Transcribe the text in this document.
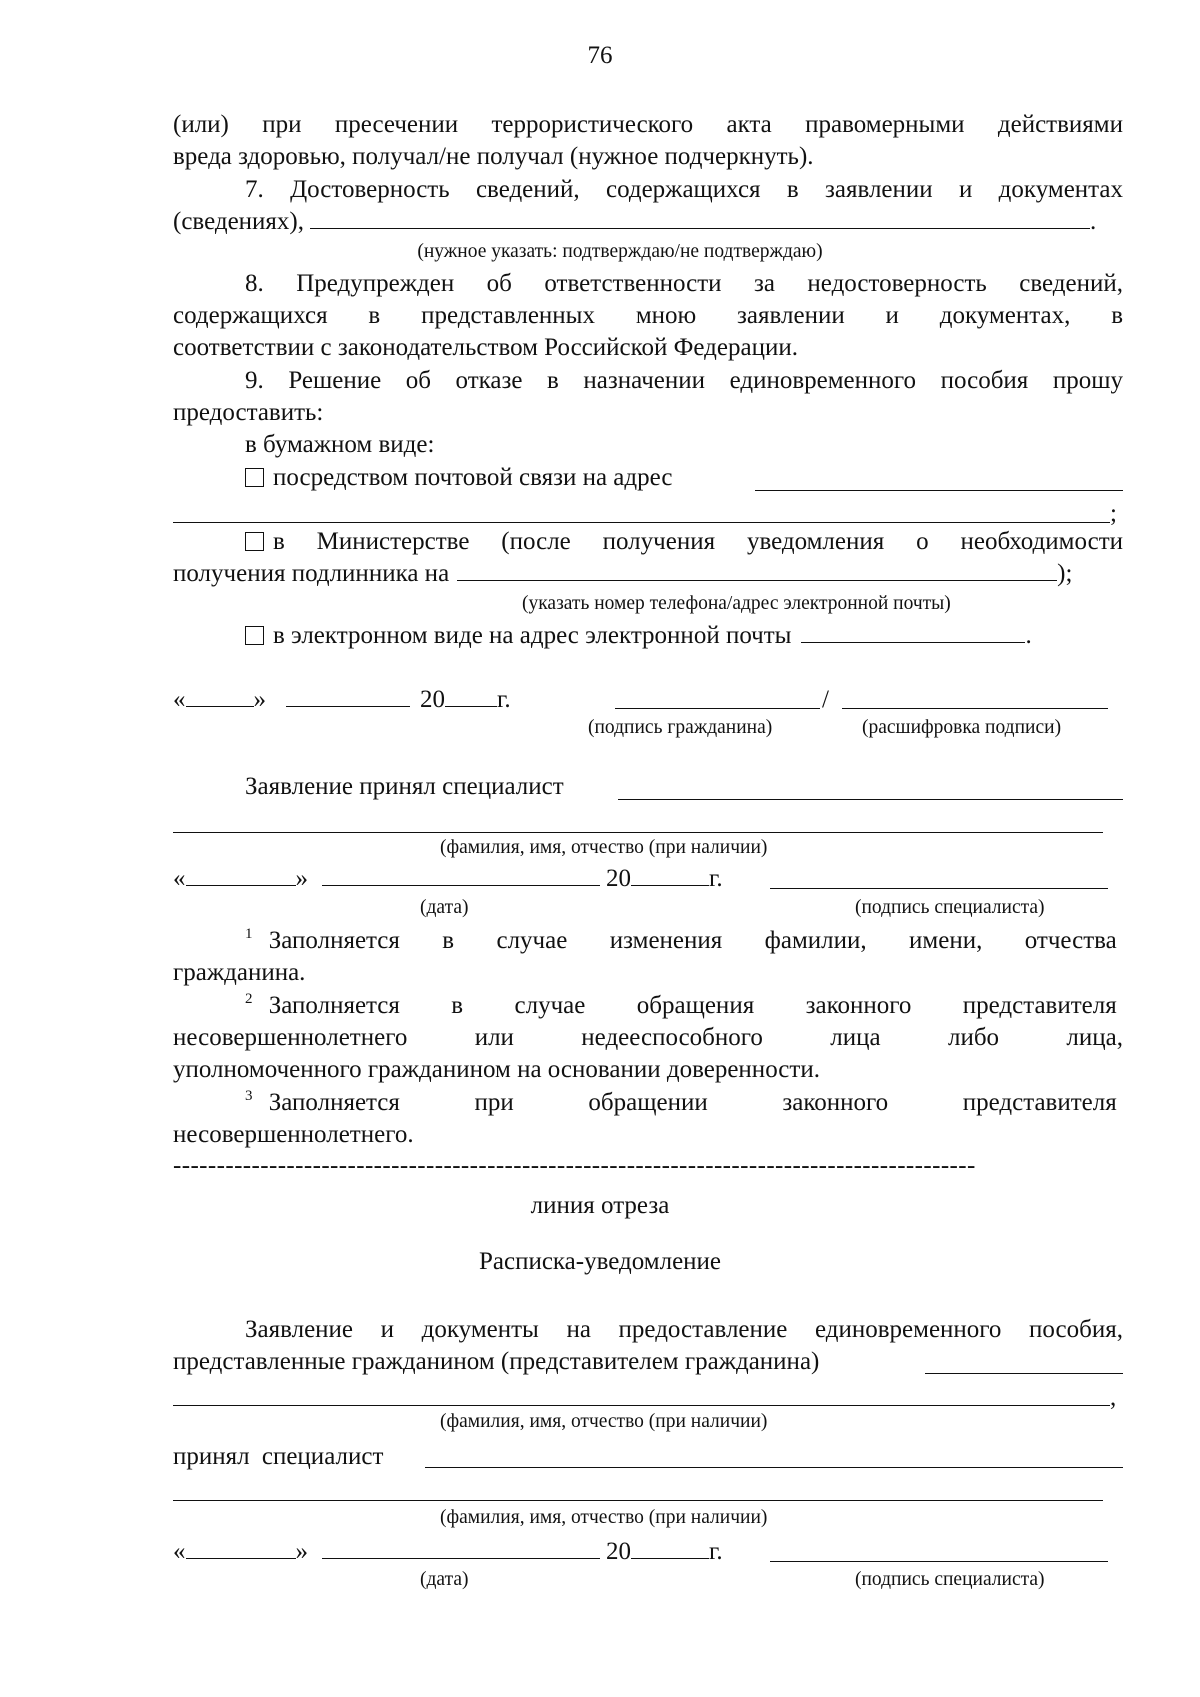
76
(или) при пресечении террористического акта правомерными действиями
вреда здоровью, получал/не получал (нужное подчеркнуть).
7. Достоверность сведений, содержащихся в заявлении и документах
(сведениях),	.
(нужное указать: подтверждаю/не подтверждаю)
8. Предупрежден об ответственности за недостоверность сведений,
содержащихся в представленных мною заявлении и документах, в
соответствии с законодательством Российской Федерации.
9. Решение об отказе в назначении единовременного пособия прошу
предоставить:
в бумажном виде:
посредством почтовой связи на адрес
;
в Министерстве (после получения уведомления о необходимости
получения подлинника на	);
(указать номер телефона/адрес электронной почты)
в электронном виде на адрес электронной почты	.
«	»	20 г.	/
(подпись гражданина)	(расшифровка подписи)
Заявление принял специалист
(фамилия, имя, отчество (при наличии)
«	»	20	г.
(дата)	(подпись специалиста)
$^1$ Заполняется в случае изменения фамилии, имени, отчества
гражданина.
$^2$ Заполняется в случае обращения законного представителя
несовершеннолетнего или недееспособного лица либо лица,
уполномоченного гражданином на основании доверенности.
$^3$ Заполняется при обращении законного представителя
несовершеннолетнего.
--------------------------------------------------------------------------------------------
линия отреза
Расписка-уведомление
Заявление и документы на предоставление единовременного пособия,
представленные гражданином (представителем гражданина)
,
(фамилия, имя, отчество (при наличии)
принял специалист
(фамилия, имя, отчество (при наличии)
«	»	20	г.
(дата)	(подпись специалиста)
